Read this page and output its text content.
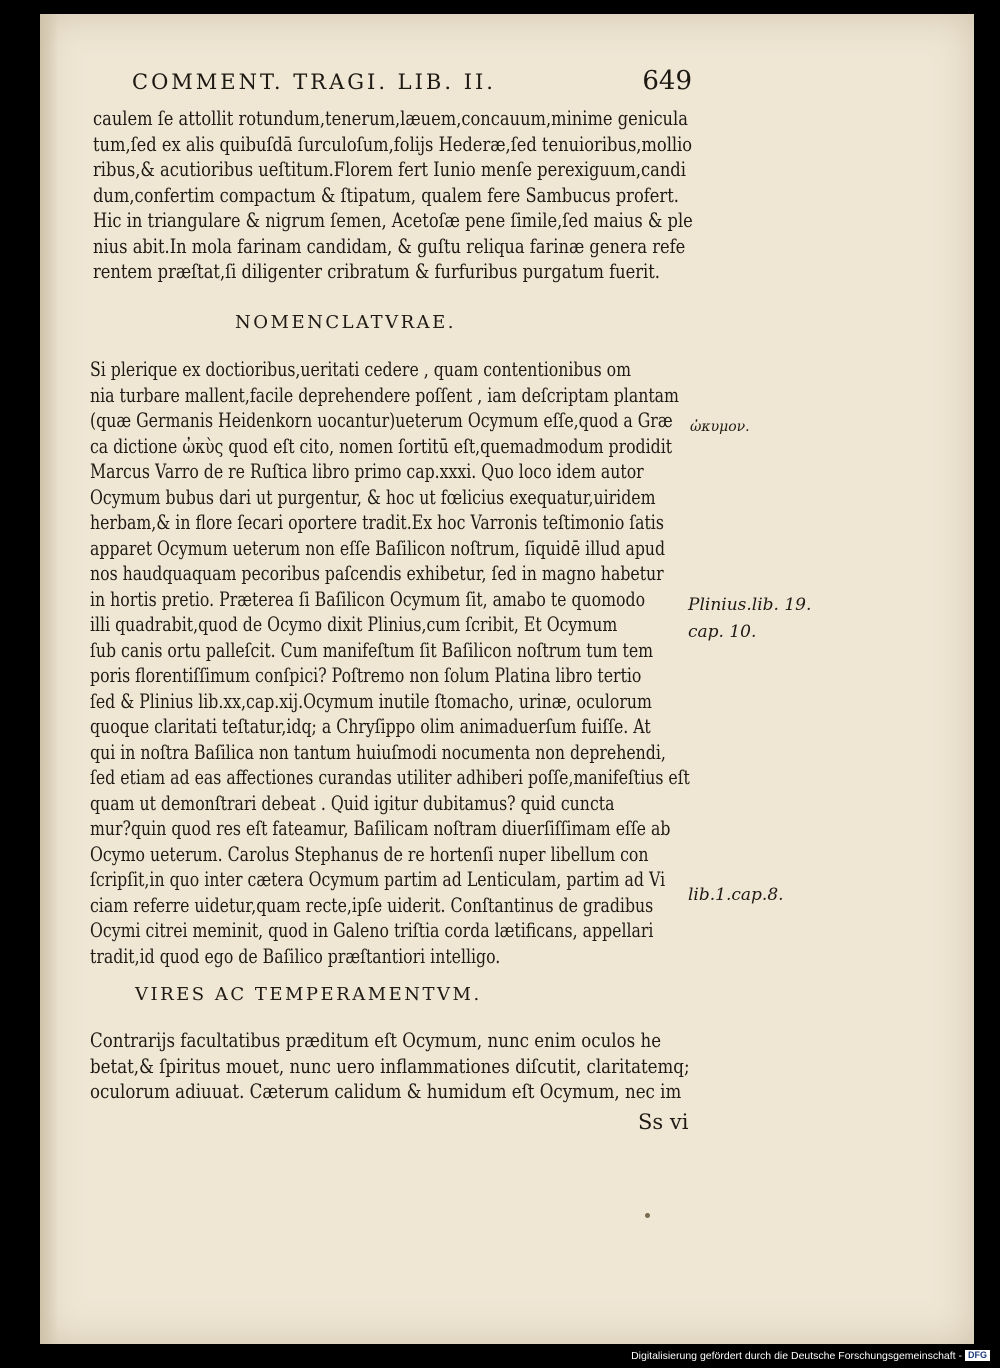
COMMENT. TRAGI. LIB. II.	649
caulem ſe attollit rotundum,tenerum,læuem,concauum,minime genicula
tum,ſed ex alis quibuſdā ſurculoſum,folijs Hederæ,ſed tenuioribus,mollio
ribus,& acutioribus ueſtitum.Florem fert Iunio menſe perexiguum,candi
dum,confertim compactum & ſtipatum, qualem fere Sambucus profert.
Hic in triangulare & nigrum ſemen, Acetoſæ pene ſimile,ſed maius & ple
nius abit.In mola farinam candidam, & guſtu reliqua farinæ genera refe
rentem præſtat,ſi diligenter cribratum & furfuribus purgatum fuerit.
NOMENCLATVRAE.
Si plerique ex doctioribus,ueritati cedere , quam contentionibus om
nia turbare mallent,facile deprehendere poſſent , iam deſcriptam plantam
(quæ Germanis Heidenkorn uocantur)ueterum Ocymum eſſe,quod a Græ
ca dictione ὠκὺς quod eſt cito, nomen ſortitū eſt,quemadmodum prodidit
Marcus Varro de re Ruſtica libro primo cap.xxxi. Quo loco idem autor
Ocymum bubus dari ut purgentur, & hoc ut fœlicius exequatur,uiridem
herbam,& in flore ſecari oportere tradit.Ex hoc Varronis teſtimonio ſatis
apparet Ocymum ueterum non eſſe Baſilicon noſtrum, ſiquidē illud apud
nos haudquaquam pecoribus paſcendis exhibetur, ſed in magno habetur
in hortis pretio. Præterea ſi Baſilicon Ocymum ſit, amabo te quomodo
illi quadrabit,quod de Ocymo dixit Plinius,cum ſcribit, Et Ocymum
ſub canis ortu palleſcit. Cum manifeſtum ſit Baſilicon noſtrum tum tem
poris florentiſſimum conſpici? Poſtremo non ſolum Platina libro tertio
ſed & Plinius lib.xx,cap.xij.Ocymum inutile ſtomacho, urinæ, oculorum
quoque claritati teſtatur,idq; a Chryſippo olim animaduerſum fuiſſe. At
qui in noſtra Baſilica non tantum huiuſmodi nocumenta non deprehendi,
ſed etiam ad eas affectiones curandas utiliter adhiberi poſſe,manifeſtius eſt
quam ut demonſtrari debeat . Quid igitur dubitamus? quid cuncta
mur?quin quod res eſt fateamur, Baſilicam noſtram diuerſiſſimam eſſe ab
Ocymo ueterum. Carolus Stephanus de re hortenſi nuper libellum con
ſcripſit,in quo inter cætera Ocymum partim ad Lenticulam, partim ad Vi
ciam referre uidetur,quam recte,ipſe uiderit. Conſtantinus de gradibus
Ocymi citrei meminit, quod in Galeno triſtia corda lætificans, appellari
tradit,id quod ego de Baſilico præſtantiori intelligo.
ὠκυμον.
Plinius.lib. 19.
cap. 10.
lib.1.cap.8.
VIRES AC TEMPERAMENTVM.
Contrarijs facultatibus præditum eſt Ocymum, nunc enim oculos he
betat,& ſpiritus mouet, nunc uero inflammationes diſcutit, claritatemq;
oculorum adiuuat. Cæterum calidum & humidum eſt Ocymum, nec im
Ss vi
Digitalisierung gefördert durch die Deutsche Forschungsgemeinschaft - DFG
